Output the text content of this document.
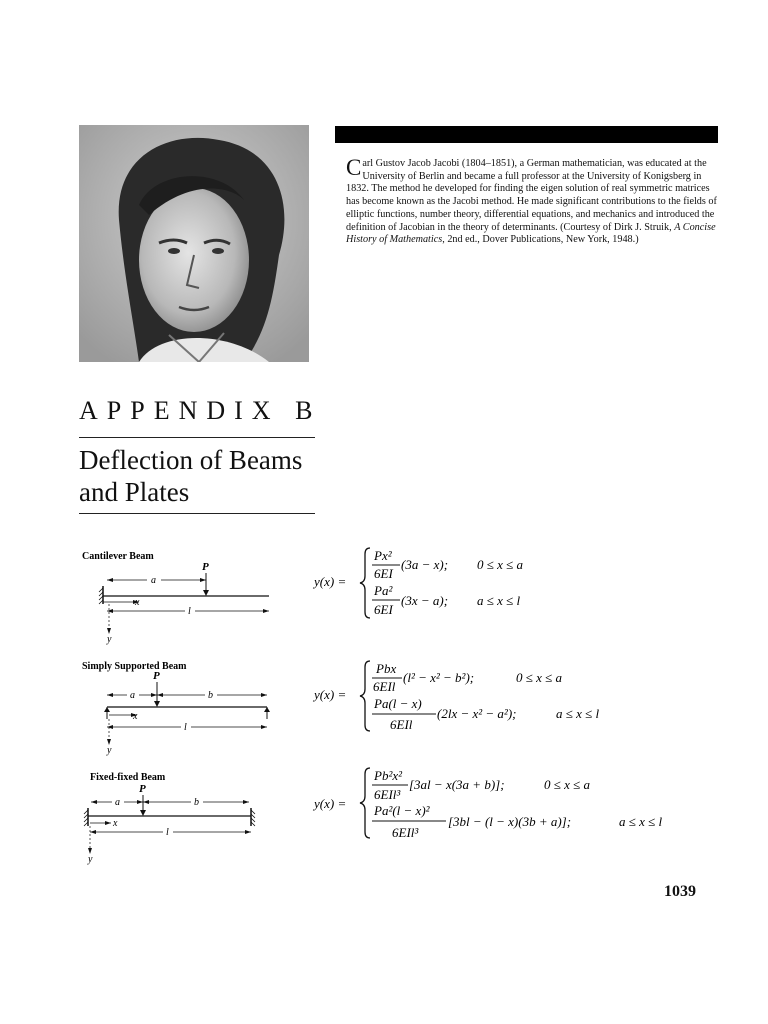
Carl Gustov Jacob Jacobi (1804–1851), a German mathematician, was educated at the University of Berlin and became a full professor at the University of Konigsberg in 1832. The method he developed for finding the eigen solution of real symmetric matrices has become known as the Jacobi method. He made significant contributions to the fields of elliptic functions, number theory, differential equations, and mechanics and introduced the definition of Jacobian in the theory of determinants. (Courtesy of Dirk J. Struik, A Concise History of Mathematics, 2nd ed., Dover Publications, New York, 1948.)
APPENDIX B
Deflection of Beams
and Plates
Cantilever Beam
P
a
x
l
y
Simply Supported Beam
P
a	b
x
l
y
Fixed-fixed Beam
P
a	b
x
l
y
y(x) =
Px²
6EI
(3a − x); 0 ≤ x ≤ a
Pa²
6EI
(3x − a); a ≤ x ≤ l
y(x) =
Pbx
6EIl
(l² − x² − b²);	0 ≤ x ≤ a
Pa(l − x)
6EIl
(2lx − x² − a²);	a ≤ x ≤ l
y(x) =
Pb²x²
6EIl³
[3al − x(3a + b)];	0 ≤ x ≤ a
Pa²(l − x)²
6EIl³
[3bl − (l − x)(3b + a)];	a ≤ x ≤ l
1039
